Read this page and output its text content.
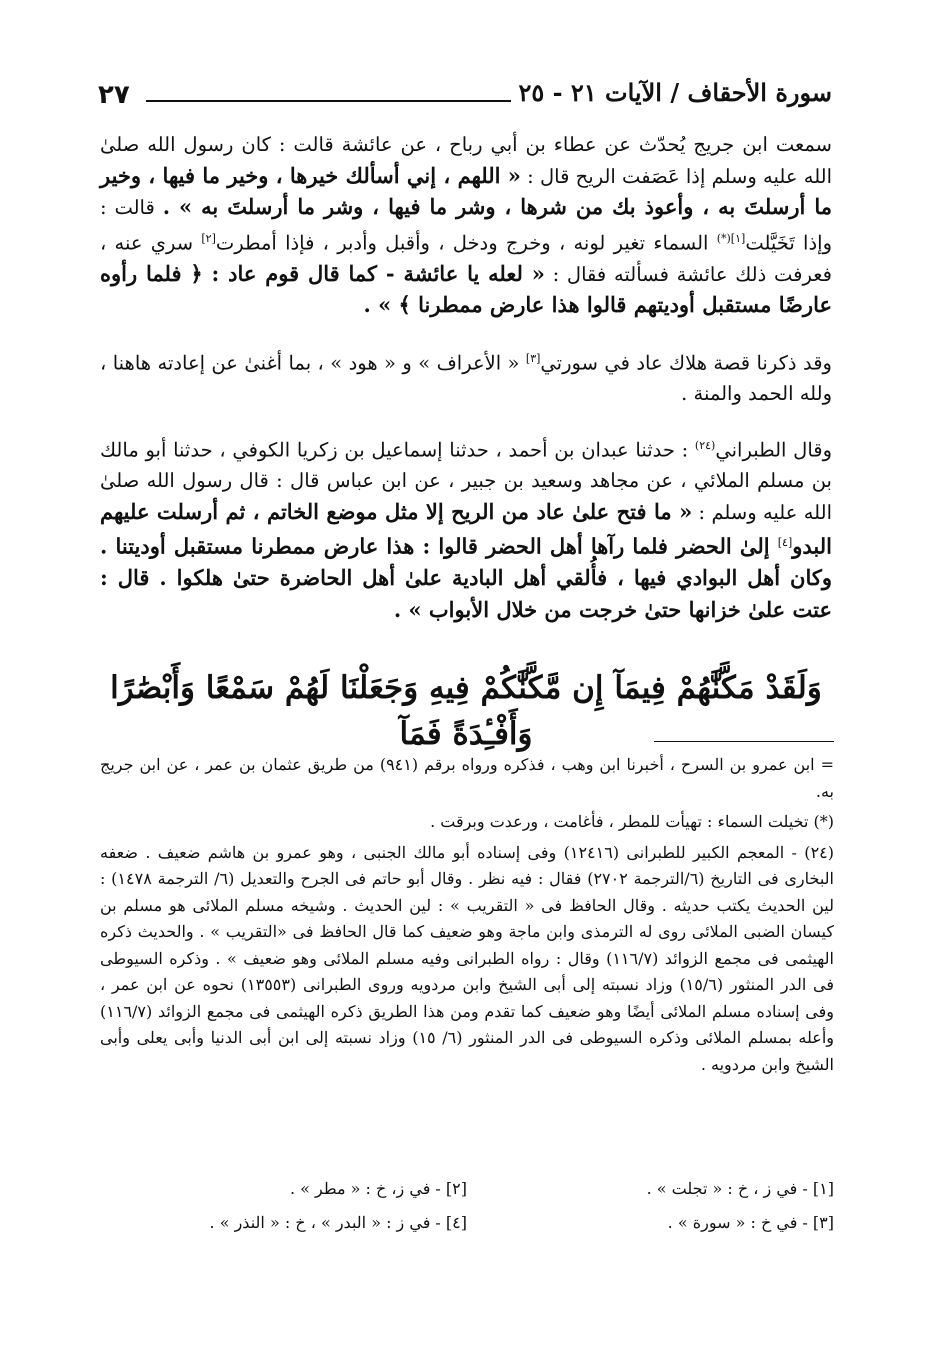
٢٧	سورة الأحقاف / الآيات ٢١ - ٢٥

سمعت ابن جريج يُحدّث عن عطاء بن أبي رباح ، عن عائشة قالت : كان رسول الله صلىٰ الله عليه وسلم إذا عَصَفت الريح قال : « اللهم ، إني أسألك خيرها ، وخير ما فيها ، وخير ما أرسلتَ به ، وأعوذ بك من شرها ، وشر ما فيها ، وشر ما أرسلتَ به » . قالت : وإذا تَخَيَّلت$^{[١](*)}$ السماء تغير لونه ، وخرج ودخل ، وأقبل وأدبر ، فإذا أمطرت[٢] سري عنه ، فعرفت ذلك عائشة فسألته فقال : « لعله يا عائشة - كما قال قوم عاد : ﴿ فلما رأوه عارضًا مستقبل أوديتهم قالوا هذا عارض ممطرنا ﴾ » .

وقد ذكرنا قصة هلاك عاد في سورتي[٣] « الأعراف » و « هود » ، بما أغنىٰ عن إعادته هاهنا ، ولله الحمد والمنة .

وقال الطبراني$^{(٢٤)}$ : حدثنا عبدان بن أحمد ، حدثنا إسماعيل بن زكريا الكوفي ، حدثنا أبو مالك بن مسلم الملائي ، عن مجاهد وسعيد بن جبير ، عن ابن عباس قال : قال رسول الله صلىٰ الله عليه وسلم : « ما فتح علىٰ عاد من الريح إلا مثل موضع الخاتم ، ثم أرسلت عليهم البدو[٤] إلىٰ الحضر فلما رآها أهل الحضر قالوا : هذا عارض ممطرنا مستقبل أوديتنا . وكان أهل البوادي فيها ، فأُلقي أهل البادية علىٰ أهل الحاضرة حتىٰ هلكوا . قال : عتت علىٰ خزانها حتىٰ خرجت من خلال الأبواب » .

وَلَقَدْ مَكَّنَّٰهُمْ فِيمَآ إِن مَّكَّنَّٰكُمْ فِيهِ وَجَعَلْنَا لَهُمْ سَمْعًا وَأَبْصَٰرًا وَأَفْـِٔدَةً فَمَآ

= ابن عمرو بن السرح ، أخبرنا ابن وهب ، فذكره ورواه برقم (٩٤١) من طريق عثمان بن عمر ، عن ابن جريج به.

(*) تخيلت السماء : تهيأت للمطر ، فأغامت ، ورعدت وبرقت .

(٢٤) - المعجم الكبير للطبرانى (١٢٤١٦) وفى إسناده أبو مالك الجنبى ، وهو عمرو بن هاشم ضعيف . ضعفه البخارى فى التاريخ (٦/الترجمة ٢٧٠٢) فقال : فيه نظر . وقال أبو حاتم فى الجرح والتعديل (٦/ الترجمة ١٤٧٨) : لين الحديث يكتب حديثه . وقال الحافظ فى « التقريب » : لين الحديث . وشيخه مسلم الملائى هو مسلم بن كيسان الضبى الملائى روى له الترمذى وابن ماجة وهو ضعيف كما قال الحافظ فى «التقريب » . والحديث ذكره الهيثمى فى مجمع الزوائد (١١٦/٧) وقال : رواه الطبرانى وفيه مسلم الملائى وهو ضعيف » . وذكره السيوطى فى الدر المنثور (١٥/٦) وزاد نسبته إلى أبى الشيخ وابن مردويه وروى الطبرانى (١٣٥٥٣) نحوه عن ابن عمر ، وفى إسناده مسلم الملائى أيضًا وهو ضعيف كما تقدم ومن هذا الطريق ذكره الهيثمى فى مجمع الزوائد (١١٦/٧) وأعله بمسلم الملائى وذكره السيوطى فى الدر المنثور (٦/ ١٥) وزاد نسبته إلى ابن أبى الدنيا وأبى يعلى وأبى الشيخ وابن مردويه .

[١] - في ز ، خ : « تجلت » .
[٢] - في ز، خ : « مطر » .
[٣] - في خ : « سورة » .
[٤] - في ز : « البدر » ، خ : « النذر » .
